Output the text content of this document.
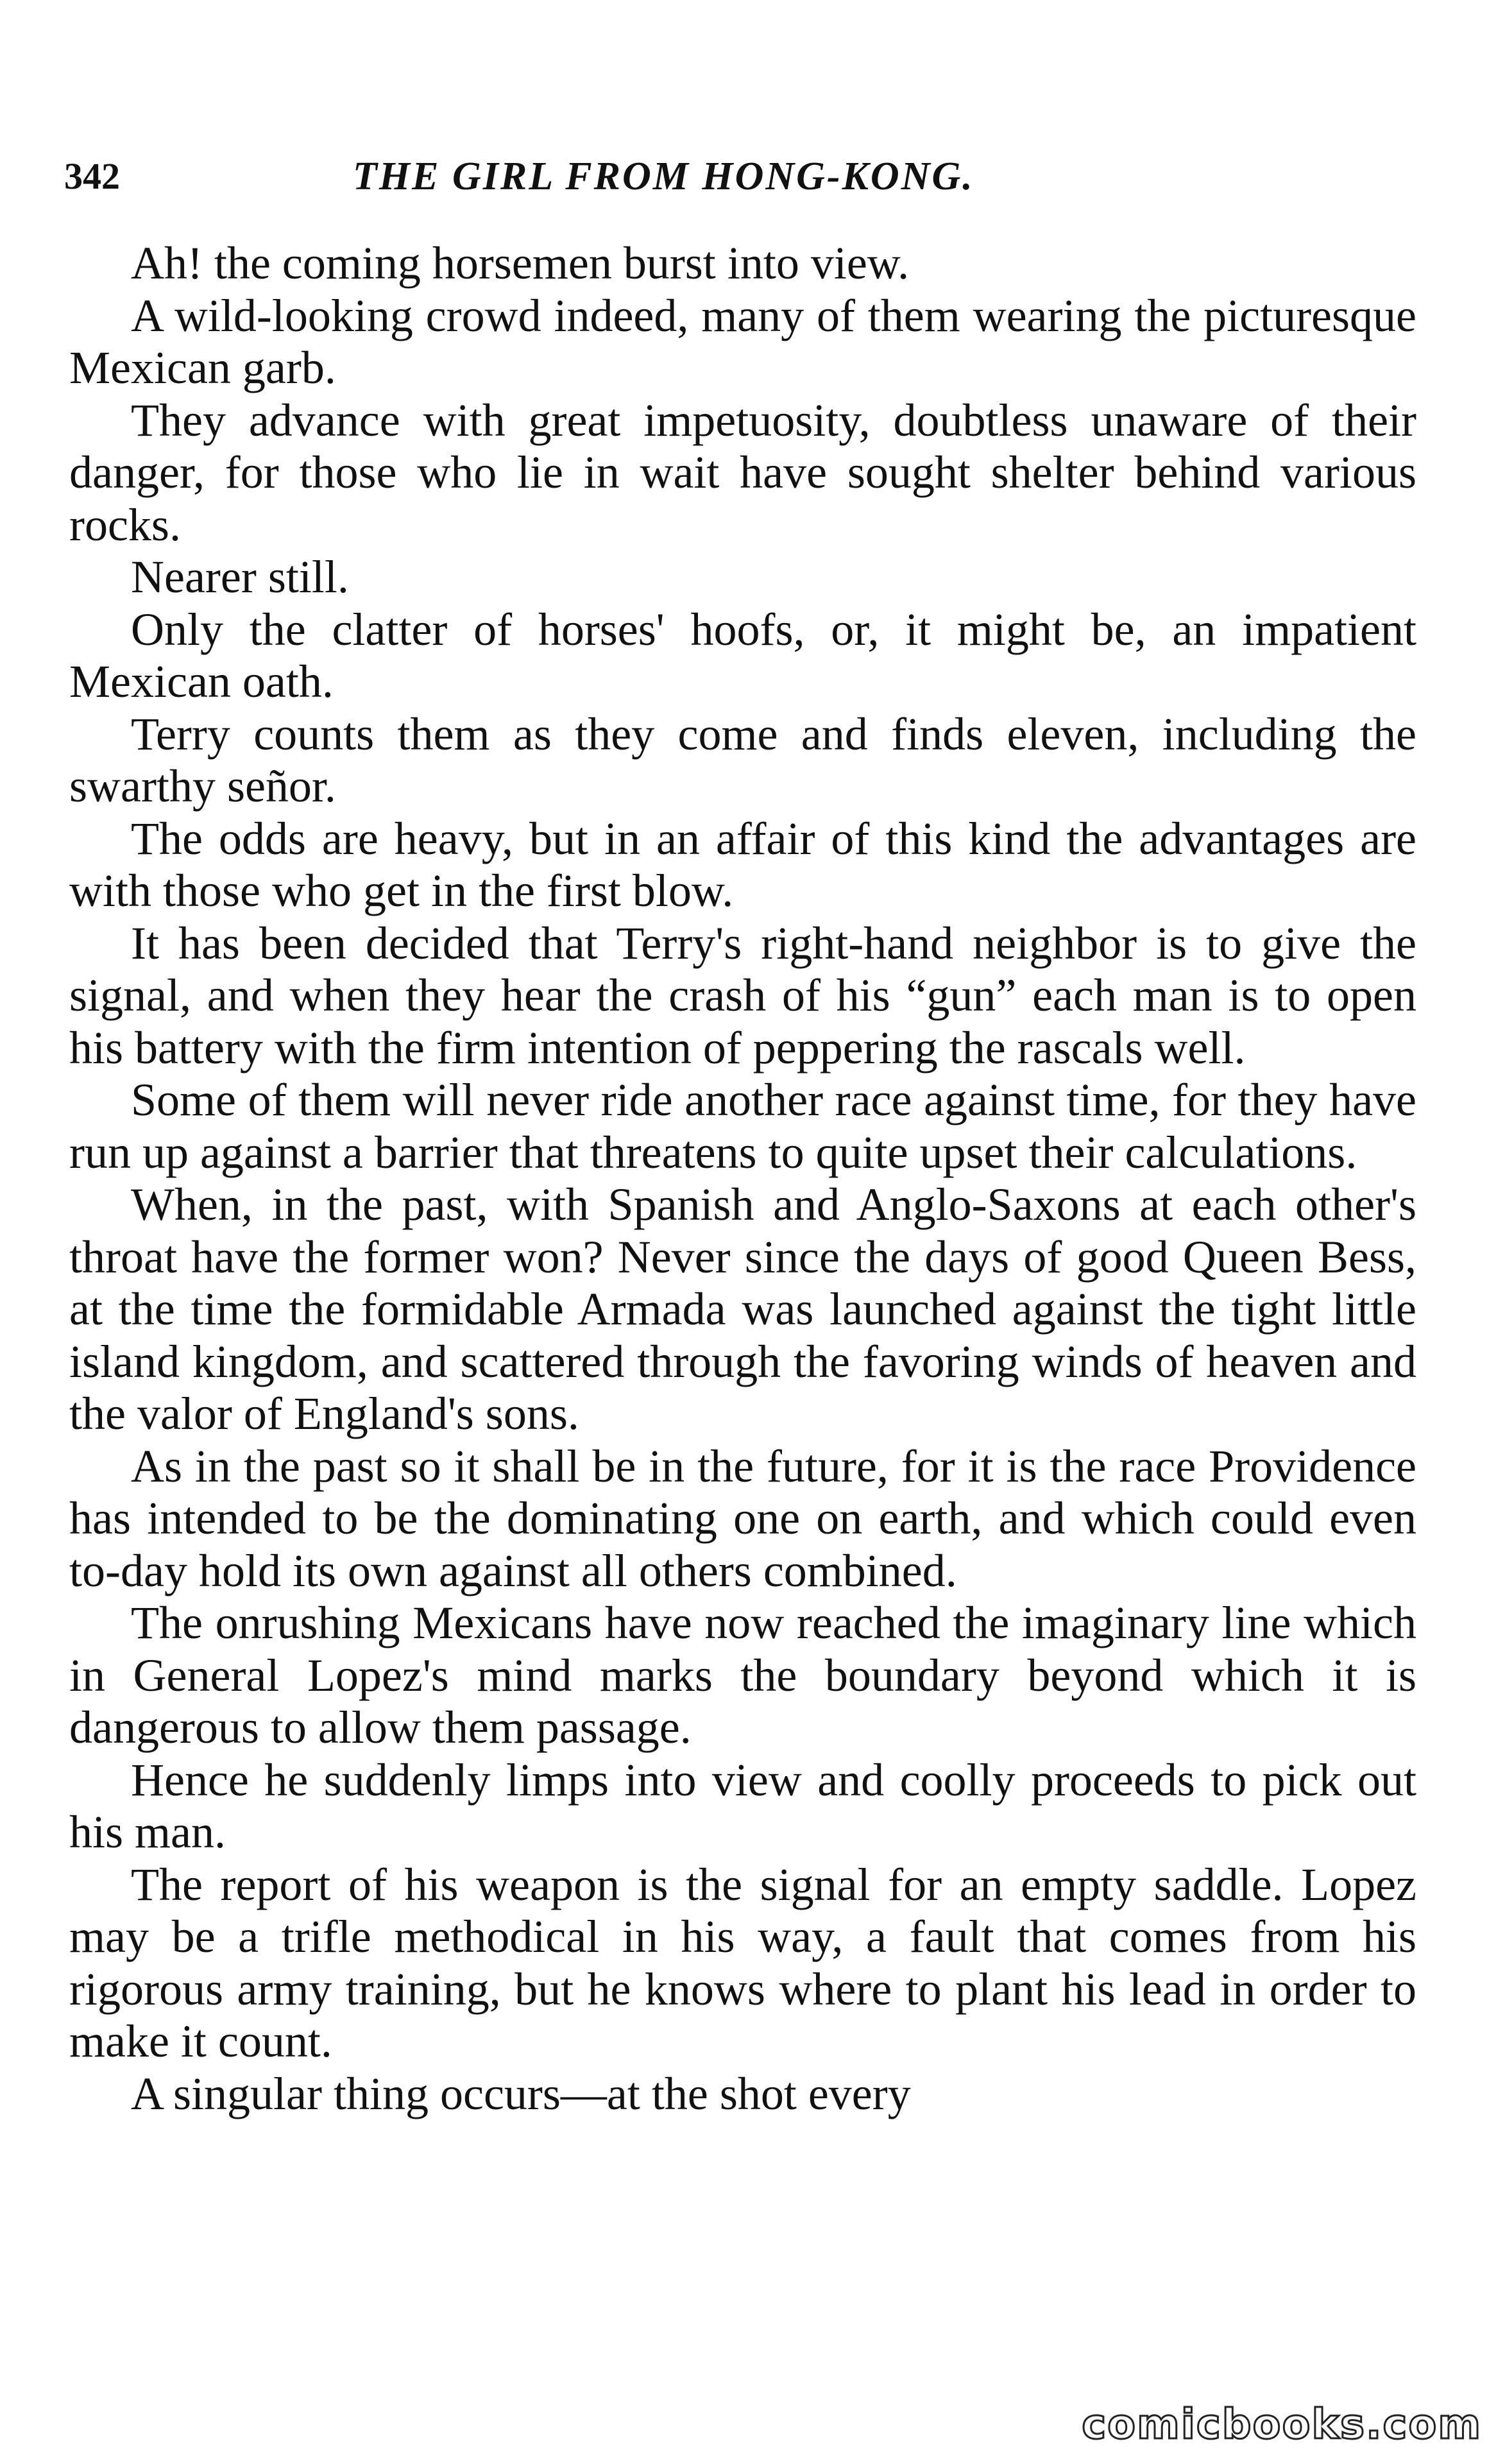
342	THE GIRL FROM HONG-KONG.

Ah! the coming horsemen burst into view.

A wild-looking crowd indeed, many of them wearing the picturesque Mexican garb.

They advance with great impetuosity, doubtless unaware of their danger, for those who lie in wait have sought shelter behind various rocks.

Nearer still.

Only the clatter of horses' hoofs, or, it might be, an impatient Mexican oath.

Terry counts them as they come and finds eleven, including the swarthy señor.

The odds are heavy, but in an affair of this kind the advantages are with those who get in the first blow.

It has been decided that Terry's right-hand neighbor is to give the signal, and when they hear the crash of his “gun” each man is to open his battery with the firm intention of peppering the rascals well.

Some of them will never ride another race against time, for they have run up against a barrier that threatens to quite upset their calculations.

When, in the past, with Spanish and Anglo-Saxons at each other's throat have the former won? Never since the days of good Queen Bess, at the time the formidable Armada was launched against the tight little island kingdom, and scattered through the favoring winds of heaven and the valor of England's sons.

As in the past so it shall be in the future, for it is the race Providence has intended to be the dominating one on earth, and which could even to-day hold its own against all others combined.

The onrushing Mexicans have now reached the imaginary line which in General Lopez's mind marks the boundary beyond which it is dangerous to allow them passage.

Hence he suddenly limps into view and coolly proceeds to pick out his man.

The report of his weapon is the signal for an empty saddle. Lopez may be a trifle methodical in his way, a fault that comes from his rigorous army training, but he knows where to plant his lead in order to make it count.

A singular thing occurs—at the shot every

comicbooks.com
